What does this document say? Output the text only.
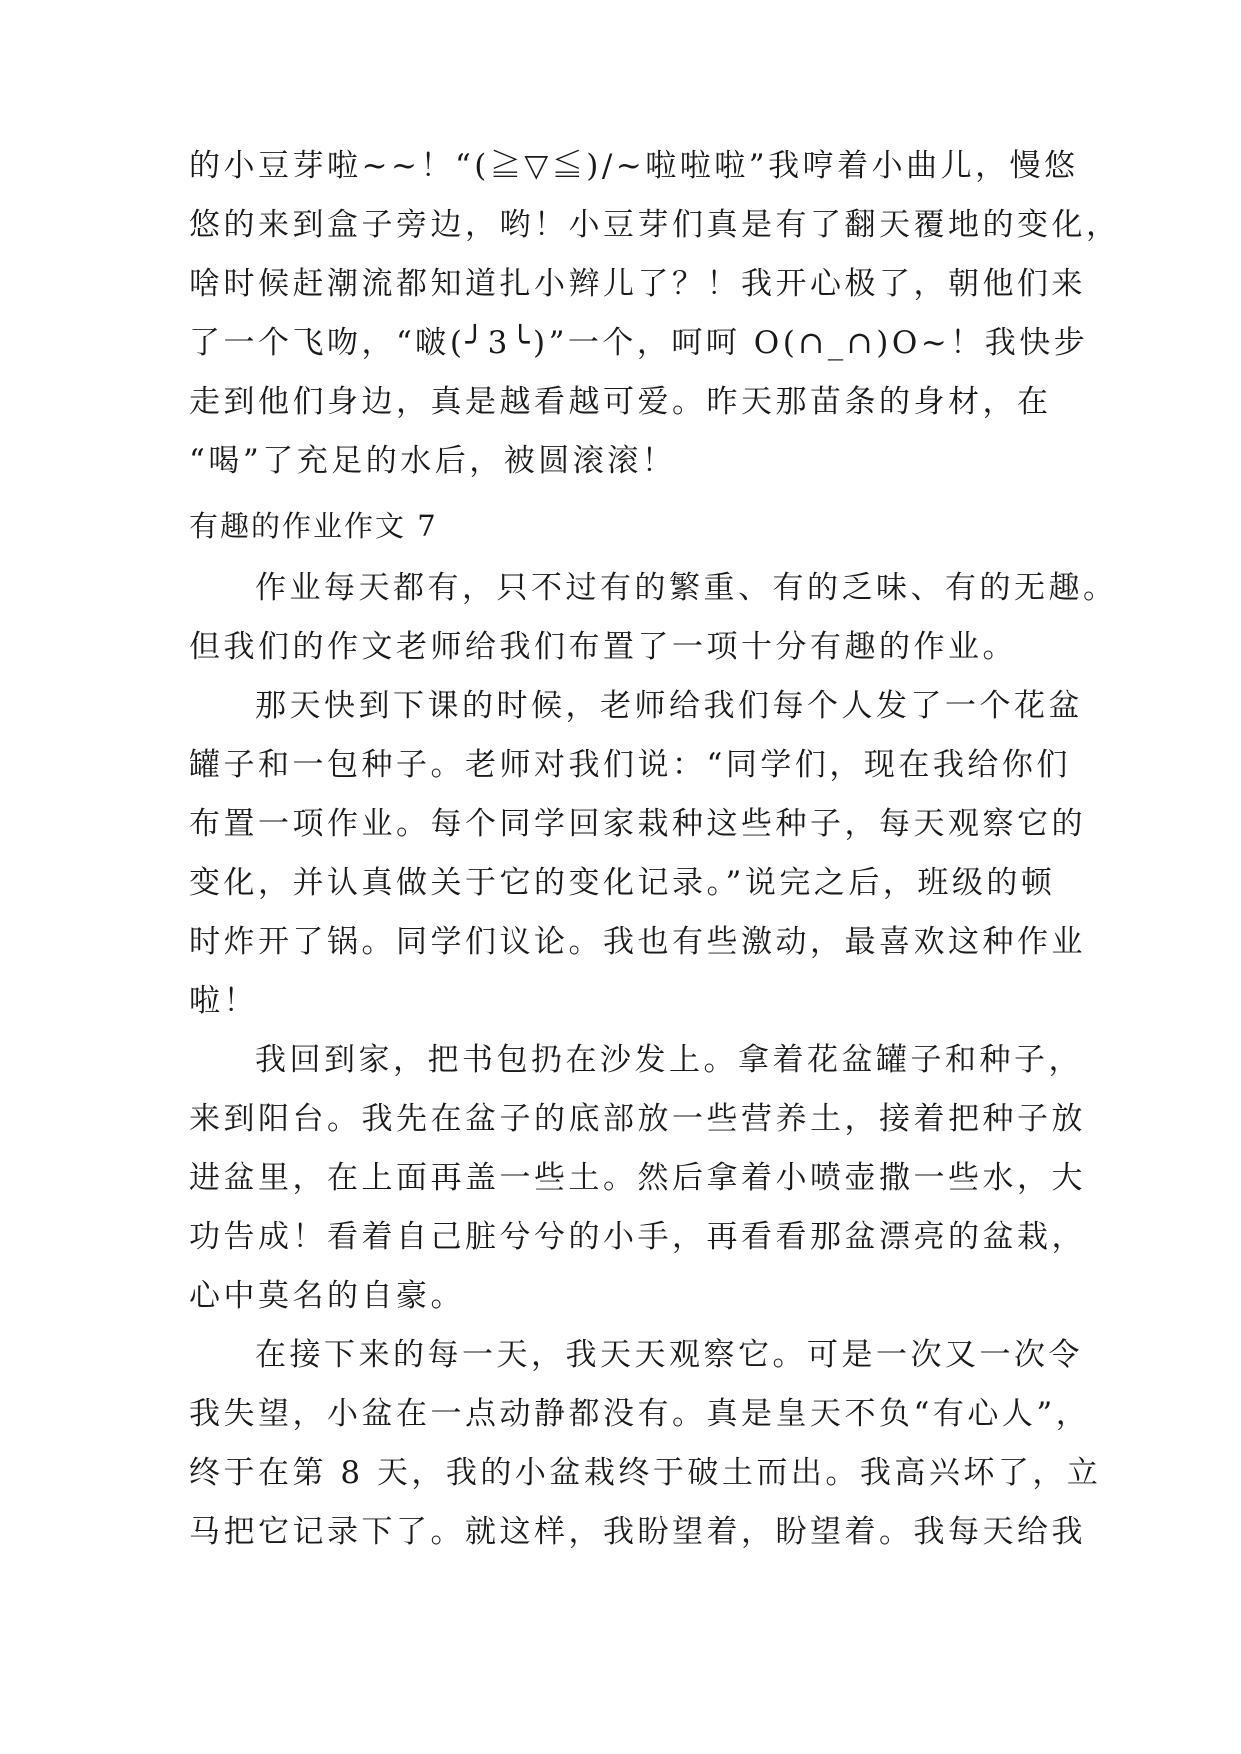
的小豆芽啦~~！“(≧▽≦)/~啦啦啦”我哼着小曲儿，慢悠
悠的来到盒子旁边，哟！小豆芽们真是有了翻天覆地的变化，
啥时候赶潮流都知道扎小辫儿了？！我开心极了，朝他们来
了一个飞吻，“啵(╯3╰)”一个，呵呵 O(∩_∩)O~！我快步
走到他们身边，真是越看越可爱。昨天那苗条的身材，在
“喝”了充足的水后，被圆滚滚！
有趣的作业作文 7
作业每天都有，只不过有的繁重、有的乏味、有的无趣。
但我们的作文老师给我们布置了一项十分有趣的作业。
那天快到下课的时候，老师给我们每个人发了一个花盆
罐子和一包种子。老师对我们说：“同学们，现在我给你们
布置一项作业。每个同学回家栽种这些种子，每天观察它的
变化，并认真做关于它的变化记录。”说完之后，班级的顿
时炸开了锅。同学们议论。我也有些激动，最喜欢这种作业
啦！
我回到家，把书包扔在沙发上。拿着花盆罐子和种子，
来到阳台。我先在盆子的底部放一些营养土，接着把种子放
进盆里，在上面再盖一些土。然后拿着小喷壶撒一些水，大
功告成！看着自己脏兮兮的小手，再看看那盆漂亮的盆栽，
心中莫名的自豪。
在接下来的每一天，我天天观察它。可是一次又一次令
我失望，小盆在一点动静都没有。真是皇天不负“有心人”，
终于在第 8 天，我的小盆栽终于破土而出。我高兴坏了，立
马把它记录下了。就这样，我盼望着，盼望着。我每天给我
